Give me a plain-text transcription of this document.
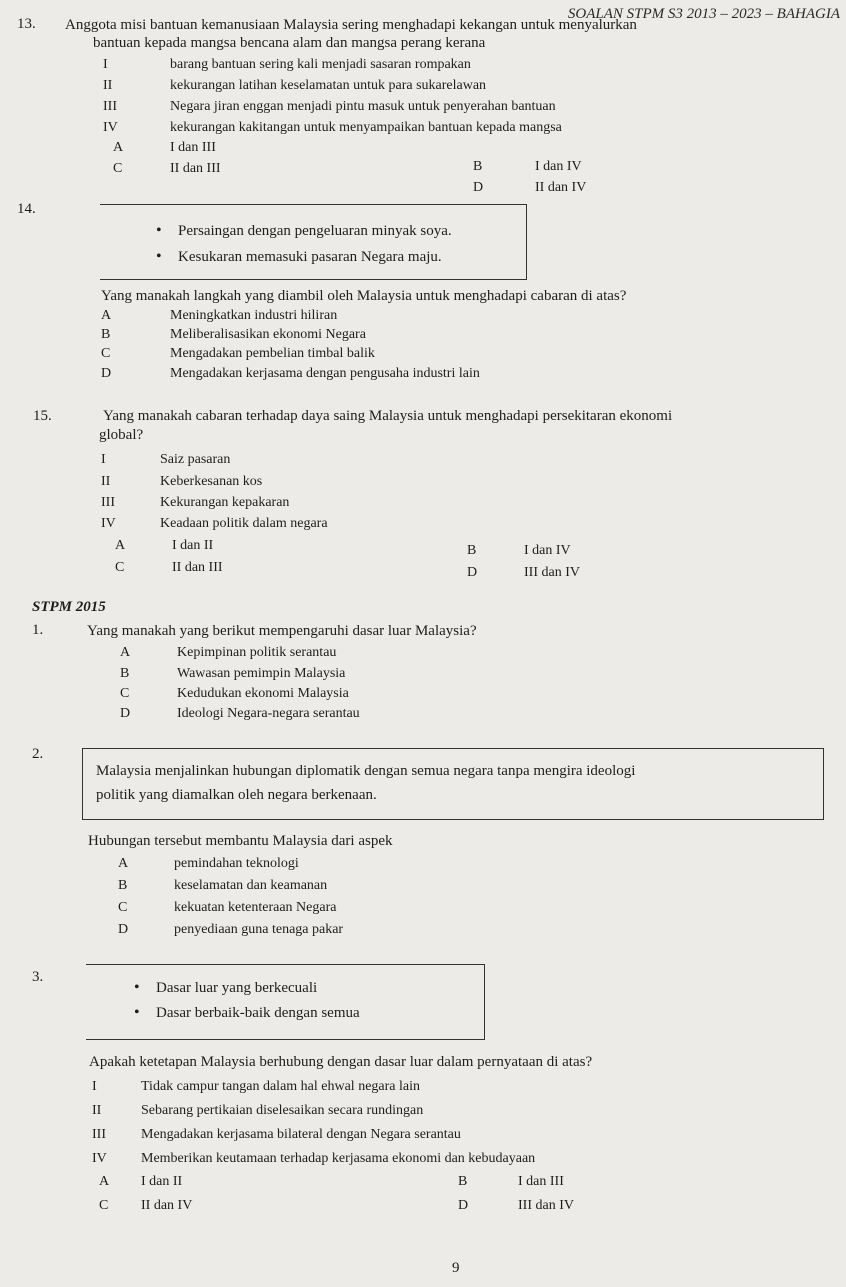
SOALAN STPM S3 2013 – 2023 – BAHAGIA
13. Anggota misi bantuan kemanusiaan Malaysia sering menghadapi kekangan untuk menyalurkan
bantuan kepada mangsa bencana alam dan mangsa perang kerana
I	barang bantuan sering kali menjadi sasaran rompakan
II	kekurangan latihan keselamatan untuk para sukarelawan
III	Negara jiran enggan menjadi pintu masuk untuk penyerahan bantuan
IV	kekurangan kakitangan untuk menyampaikan bantuan kepada mangsa
A	I dan III
B	I dan IV
C	II dan III
D	II dan IV
14.
• Persaingan dengan pengeluaran minyak soya.
• Kesukaran memasuki pasaran Negara maju.
Yang manakah langkah yang diambil oleh Malaysia untuk menghadapi cabaran di atas?
A	Meningkatkan industri hiliran
B	Meliberalisasikan ekonomi Negara
C	Mengadakan pembelian timbal balik
D	Mengadakan kerjasama dengan pengusaha industri lain
15.	Yang manakah cabaran terhadap daya saing Malaysia untuk menghadapi persekitaran ekonomi
global?
I	Saiz pasaran
II	Keberkesanan kos
III	Kekurangan kepakaran
IV	Keadaan politik dalam negara
A	I dan II	B	I dan IV
C	II dan III	D	III dan IV
STPM 2015
1.	Yang manakah yang berikut mempengaruhi dasar luar Malaysia?
A	Kepimpinan politik serantau
B	Wawasan pemimpin Malaysia
C	Kedudukan ekonomi Malaysia
D	Ideologi Negara-negara serantau
2.
Malaysia menjalinkan hubungan diplomatik dengan semua negara tanpa mengira ideologi
politik yang diamalkan oleh negara berkenaan.
Hubungan tersebut membantu Malaysia dari aspek
A	pemindahan teknologi
B	keselamatan dan keamanan
C	kekuatan ketenteraan Negara
D	penyediaan guna tenaga pakar
3.
• Dasar luar yang berkecuali
• Dasar berbaik-baik dengan semua
Apakah ketetapan Malaysia berhubung dengan dasar luar dalam pernyataan di atas?
I	Tidak campur tangan dalam hal ehwal negara lain
II	Sebarang pertikaian diselesaikan secara rundingan
III	Mengadakan kerjasama bilateral dengan Negara serantau
IV Memberikan keutamaan terhadap kerjasama ekonomi dan kebudayaan
A I dan II	B	I dan III
C II dan IV	D	III dan IV
9
